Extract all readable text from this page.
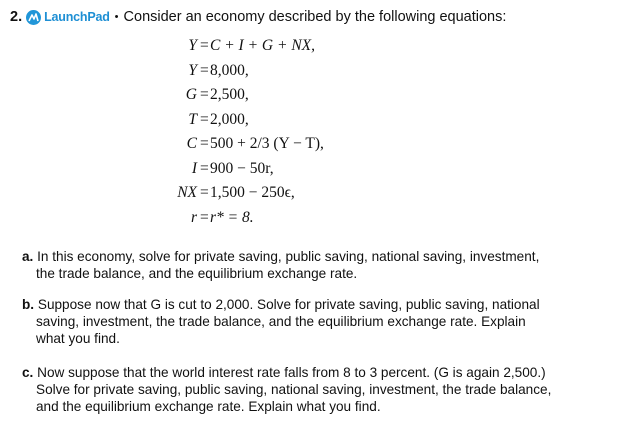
2. LaunchPad • Consider an economy described by the following equations:
Y = C + I + G + NX,
Y = 8,000,
G = 2,500,
T = 2,000,
C = 500 + 2/3 (Y − T),
I = 900 − 50r,
NX = 1,500 − 250ϵ,
r = r* = 8.
a. In this economy, solve for private saving, public saving, national saving, investment,
the trade balance, and the equilibrium exchange rate.
b. Suppose now that G is cut to 2,000. Solve for private saving, public saving, national
saving, investment, the trade balance, and the equilibrium exchange rate. Explain
what you find.
c. Now suppose that the world interest rate falls from 8 to 3 percent. (G is again 2,500.)
Solve for private saving, public saving, national saving, investment, the trade balance,
and the equilibrium exchange rate. Explain what you find.
